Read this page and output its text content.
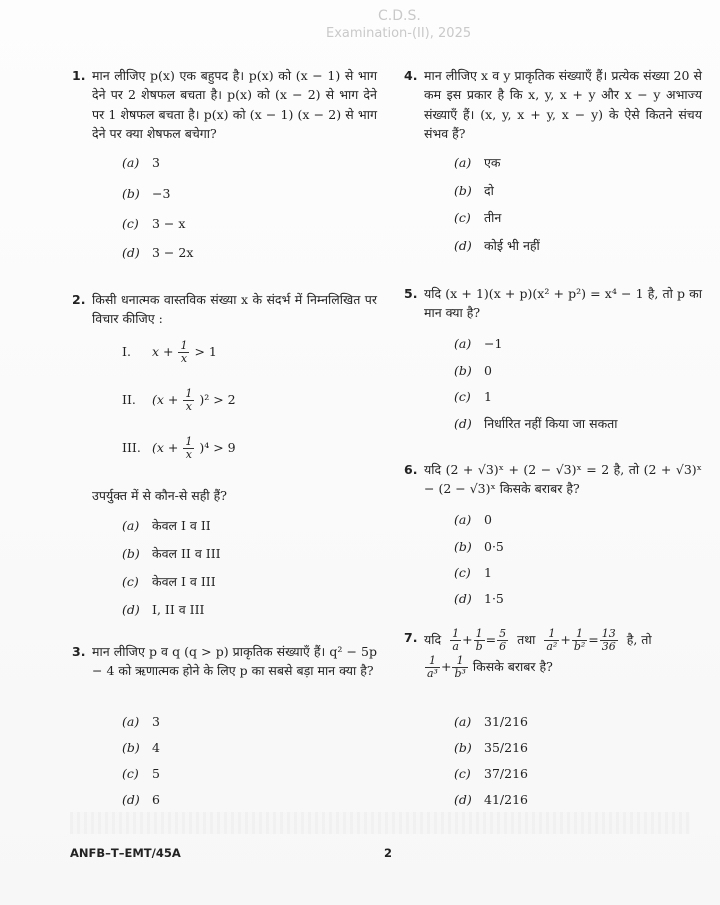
C.D.S.
Examination-(II), 2025
1. मान लीजिए p(x) एक बहुपद है। p(x) को (x − 1) से भाग देने पर 2 शेषफल बचता है। p(x) को (x − 2) से भाग देने पर 1 शेषफल बचता है। p(x) को (x − 1) (x − 2) से भाग देने पर क्या शेषफल बचेगा?
(a) 3
(b) −3
(c) 3 − x
(d) 3 − 2x
2. किसी धनात्मक वास्तविक संख्या x के संदर्भ में निम्नलिखित पर विचार कीजिए :
I. $x + \frac{1}{x} > 1$
II. $(x + \frac{1}{x} )^2 > 2$
III. $(x + \frac{1}{x} )^4 > 9$
उपर्युक्त में से कौन-से सही हैं?
(a) केवल I व II
(b) केवल II व III
(c) केवल I व III
(d) I, II व III
3. मान लीजिए p व q (q > p) प्राकृतिक संख्याएँ हैं। q² − 5p − 4 को ऋणात्मक होने के लिए p का सबसे बड़ा मान क्या है?
(a) 3
(b) 4
(c) 5
(d) 6
4. मान लीजिए x व y प्राकृतिक संख्याएँ हैं। प्रत्येक संख्या 20 से कम इस प्रकार है कि x, y, x + y और x − y अभाज्य संख्याएँ हैं। (x, y, x + y, x − y) के ऐसे कितने संचय संभव हैं?
(a) एक
(b) दो
(c) तीन
(d) कोई भी नहीं
5. यदि (x + 1)(x + p)(x² + p²) = x⁴ − 1 है, तो p का मान क्या है?
(a) −1
(b) 0
(c) 1
(d) निर्धारित नहीं किया जा सकता
6. यदि (2 + √3)ˣ + (2 − √3)ˣ = 2 है, तो (2 + √3)ˣ − (2 − √3)ˣ किसके बराबर है?
(a) 0
(b) 0·5
(c) 1
(d) 1·5
7. यदि $\frac{1}{a} + \frac{1}{b} = \frac{5}{6}$ तथा $\frac{1}{\text{a²}} + \frac{1}{\text{b²}} = \frac{13}{36}$ है, तो
$\frac{1}{\text{a³}} + \frac{1}{\text{b³}}$ किसके बराबर है?
(a) 31/216
(b) 35/216
(c) 37/216
(d) 41/216
ANFB–T–EMT/45A	2
